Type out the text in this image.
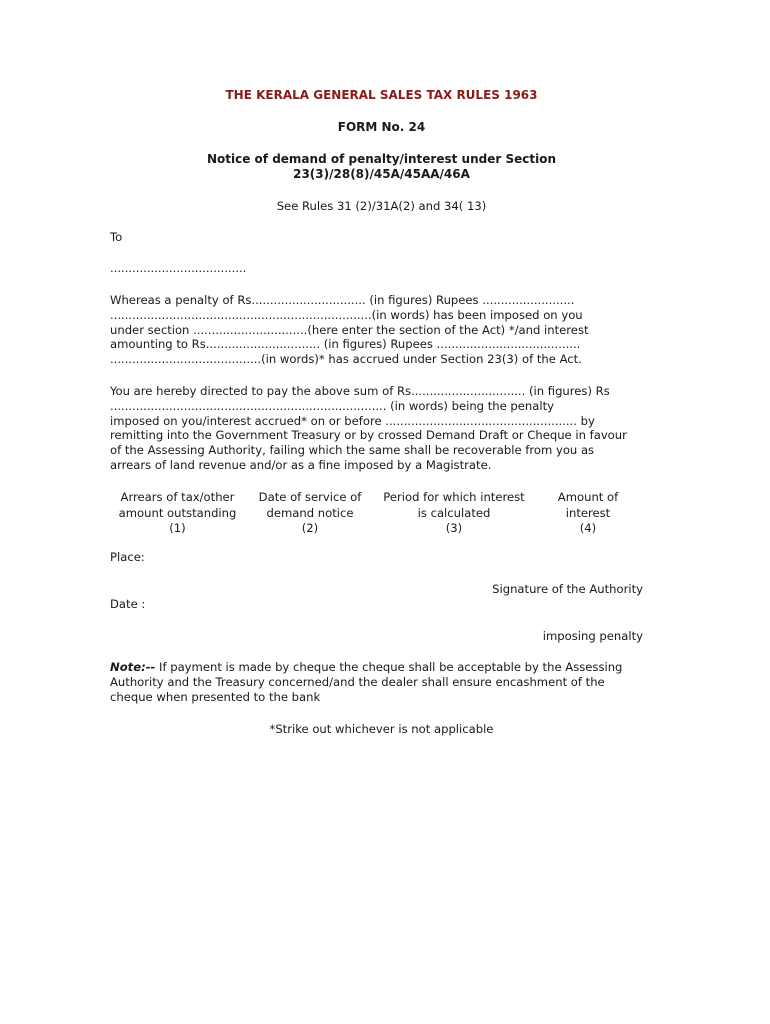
THE KERALA GENERAL SALES TAX RULES 1963
FORM No. 24
Notice of demand of penalty/interest under Section
23(3)/28(8)/45A/45AA/46A
See Rules 31 (2)/31A(2) and 34( 13)
To
.....................................
Whereas a penalty of Rs............................... (in figures) Rupees .........................
.......................................................................(in words) has been imposed on you
under section ...............................(here enter the section of the Act) */and interest
amounting to Rs............................... (in figures) Rupees .......................................
.........................................(in words)* has accrued under Section 23(3) of the Act.
You are hereby directed to pay the above sum of Rs............................... (in figures) Rs
........................................................................... (in words) being the penalty
imposed on you/interest accrued* on or before .................................................... by
remitting into the Government Treasury or by crossed Demand Draft or Cheque in favour
of the Assessing Authority, failing which the same shall be recoverable from you as
arrears of land revenue and/or as a fine imposed by a Magistrate.
Arrears of tax/other
amount outstanding
(1)
Date of service of
demand notice
(2)
Period for which interest
is calculated
(3)
Amount of
interest
(4)
Place:
Signature of the Authority
Date :
imposing penalty
Note:-- If payment is made by cheque the cheque shall be acceptable by the Assessing
Authority and the Treasury concerned/and the dealer shall ensure encashment of the
cheque when presented to the bank
*Strike out whichever is not applicable
